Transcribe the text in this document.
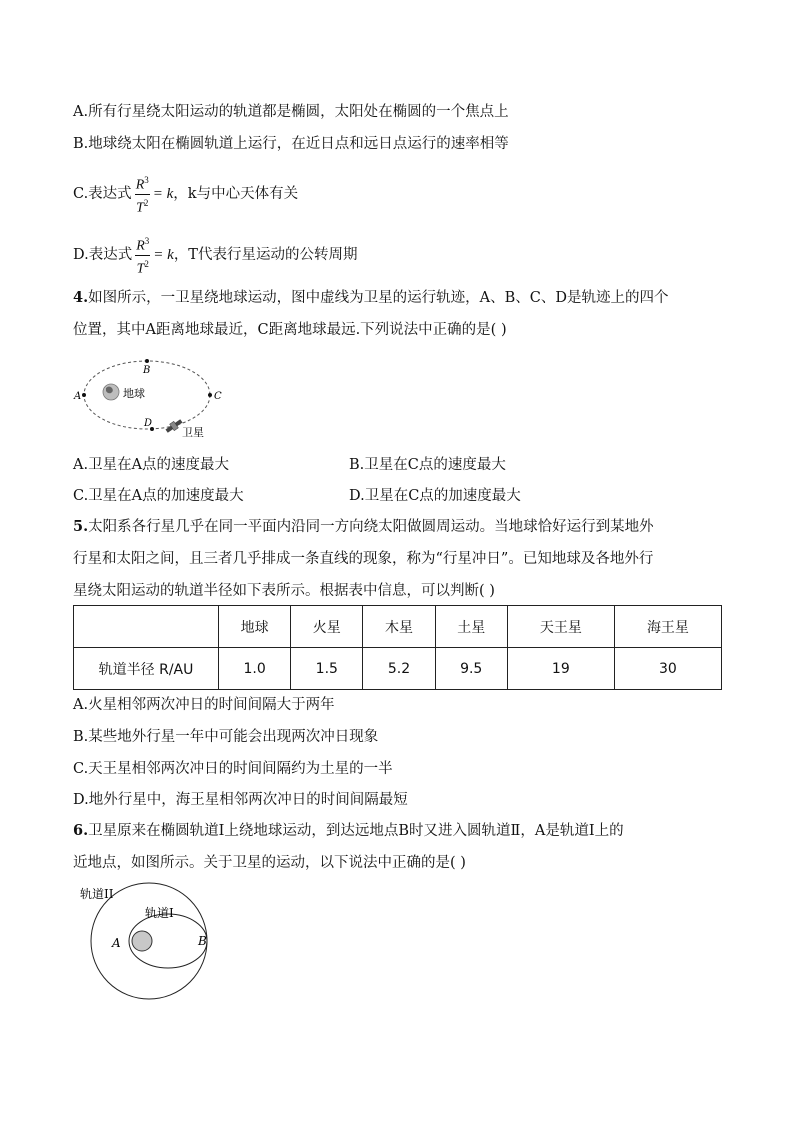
A.所有行星绕太阳运动的轨道都是椭圆，太阳处在椭圆的一个焦点上
B.地球绕太阳在椭圆轨道上运行，在近日点和远日点运行的速率相等
C.表达式 $\frac{R^3}{T^2} = k$，k与中心天体有关
D.表达式 $\frac{R^3}{T^2} = k$，T代表行星运动的公转周期
4.如图所示，一卫星绕地球运动，图中虚线为卫星的运行轨迹，A、B、C、D是轨迹上的四个
位置，其中A距离地球最近，C距离地球最远.下列说法中正确的是( )
地球
A
B
C
D
卫星
A.卫星在A点的速度最大	B.卫星在C点的速度最大
C.卫星在A点的加速度最大	D.卫星在C点的加速度最大
5.太阳系各行星几乎在同一平面内沿同一方向绕太阳做圆周运动。当地球恰好运行到某地外
行星和太阳之间，且三者几乎排成一条直线的现象，称为“行星冲日”。已知地球及各地外行
星绕太阳运动的轨道半径如下表所示。根据表中信息，可以判断( )
	地球	火星	木星	土星	天王星	海王星
轨道半径 R/AU	1.0	1.5	5.2	9.5	19	30
A.火星相邻两次冲日的时间间隔大于两年
B.某些地外行星一年中可能会出现两次冲日现象
C.天王星相邻两次冲日的时间间隔约为土星的一半
D.地外行星中，海王星相邻两次冲日的时间间隔最短
6.卫星原来在椭圆轨道Ⅰ上绕地球运动，到达远地点B时又进入圆轨道Ⅱ，A是轨道Ⅰ上的
近地点，如图所示。关于卫星的运动，以下说法中正确的是( )
轨道II
轨道I
A	B
